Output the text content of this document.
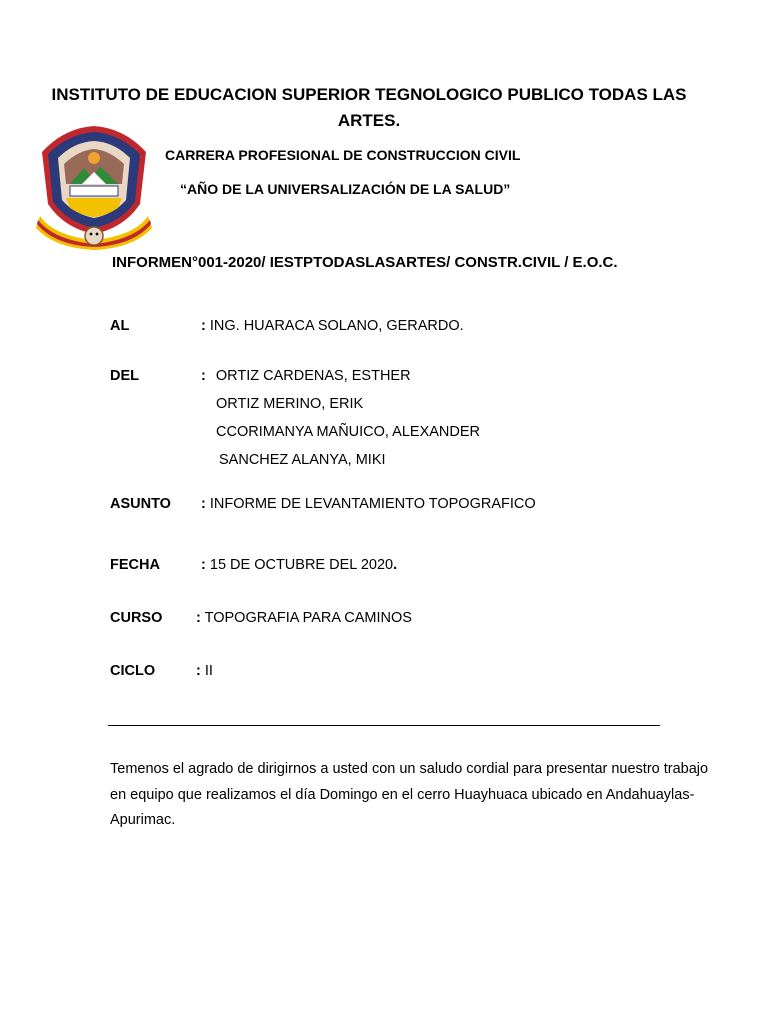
INSTITUTO DE EDUCACION SUPERIOR TEGNOLOGICO PUBLICO TODAS LAS
ARTES.
CARRERA PROFESIONAL DE CONSTRUCCION CIVIL
“AÑO DE LA UNIVERSALIZACIÓN DE LA SALUD”
INFORMEN°001-2020/ IESTPTODASLASARTES/ CONSTR.CIVIL / E.O.C.
AL	: ING. HUARACA SOLANO, GERARDO.
DEL	: ORTIZ CARDENAS, ESTHER
ORTIZ MERINO, ERIK
CCORIMANYA MAÑUICO, ALEXANDER
SANCHEZ ALANYA, MIKI
ASUNTO : INFORME DE LEVANTAMIENTO TOPOGRAFICO
FECHA	: 15 DE OCTUBRE DEL 2020.
CURSO : TOPOGRAFIA PARA CAMINOS
CICLO	: II
Temenos el agrado de dirigirnos a usted con un saludo cordial para presentar nuestro trabajo en equipo que realizamos el día Domingo en el cerro Huayhuaca ubicado en Andahuaylas-Apurimac.
